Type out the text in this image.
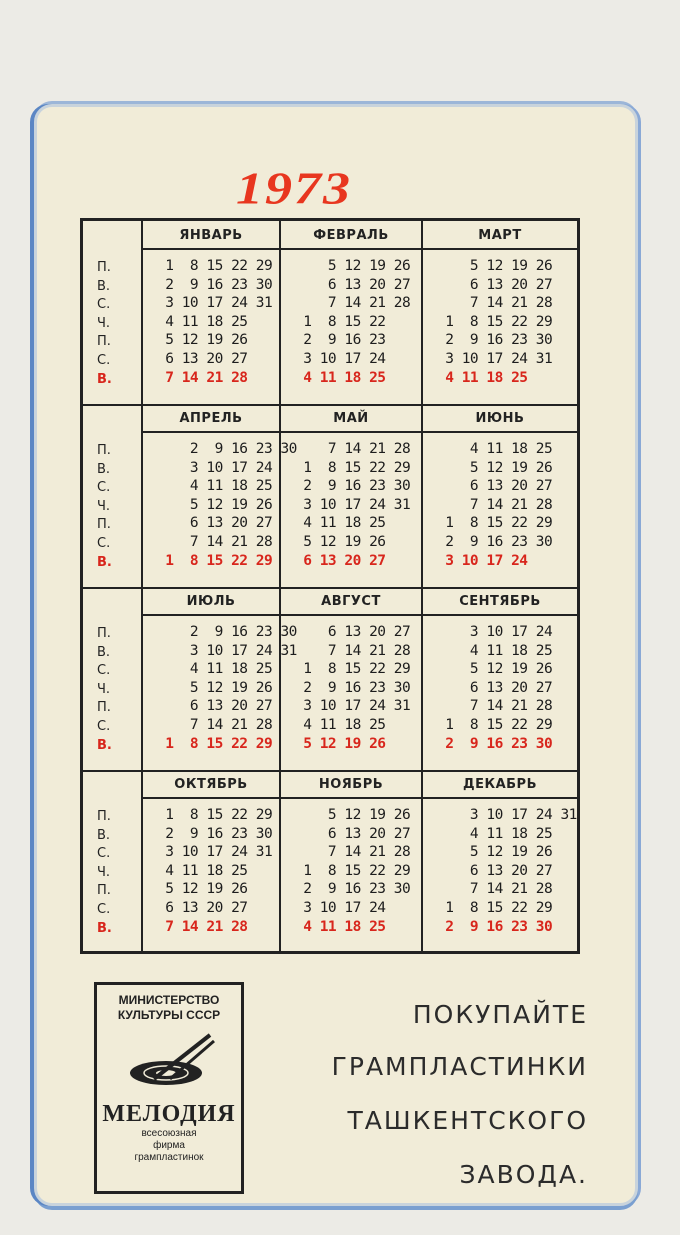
1973
П.
В.
С.
Ч.
П.
С.
В.
ЯНВАРЬ
1  8 15 22 29
2  9 16 23 30
3 10 17 24 31
4 11 18 25
5 12 19 26
6 13 20 27
7 14 21 28
ФЕВРАЛЬ
5 12 19 26
6 13 20 27
7 14 21 28
1  8 15 22
2  9 16 23
3 10 17 24
4 11 18 25
МАРТ
5 12 19 26
6 13 20 27
7 14 21 28
1  8 15 22 29
2  9 16 23 30
3 10 17 24 31
4 11 18 25
П.
В.
С.
Ч.
П.
С.
В.
АПРЕЛЬ
2  9 16 23 30
3 10 17 24
4 11 18 25
5 12 19 26
6 13 20 27
7 14 21 28
1  8 15 22 29
МАЙ
7 14 21 28
1  8 15 22 29
2  9 16 23 30
3 10 17 24 31
4 11 18 25
5 12 19 26
6 13 20 27
ИЮНЬ
4 11 18 25
5 12 19 26
6 13 20 27
7 14 21 28
1  8 15 22 29
2  9 16 23 30
3 10 17 24
П.
В.
С.
Ч.
П.
С.
В.
ИЮЛЬ
2  9 16 23 30
3 10 17 24 31
4 11 18 25
5 12 19 26
6 13 20 27
7 14 21 28
1  8 15 22 29
АВГУСТ
6 13 20 27
7 14 21 28
1  8 15 22 29
2  9 16 23 30
3 10 17 24 31
4 11 18 25
5 12 19 26
СЕНТЯБРЬ
3 10 17 24
4 11 18 25
5 12 19 26
6 13 20 27
7 14 21 28
1  8 15 22 29
2  9 16 23 30
П.
В.
С.
Ч.
П.
С.
В.
ОКТЯБРЬ
1  8 15 22 29
2  9 16 23 30
3 10 17 24 31
4 11 18 25
5 12 19 26
6 13 20 27
7 14 21 28
НОЯБРЬ
5 12 19 26
6 13 20 27
7 14 21 28
1  8 15 22 29
2  9 16 23 30
3 10 17 24
4 11 18 25
ДЕКАБРЬ
3 10 17 24 31
4 11 18 25
5 12 19 26
6 13 20 27
7 14 21 28
1  8 15 22 29
2  9 16 23 30
МИНИСТЕРСТВО
КУЛЬТУРЫ СССР
МЕЛОДИЯ
всесоюзная
фирма
грампластинок
ПОКУПАЙТЕ
ГРАМПЛАСТИНКИ
ТАШКЕНТСКОГО
ЗАВОДА.
